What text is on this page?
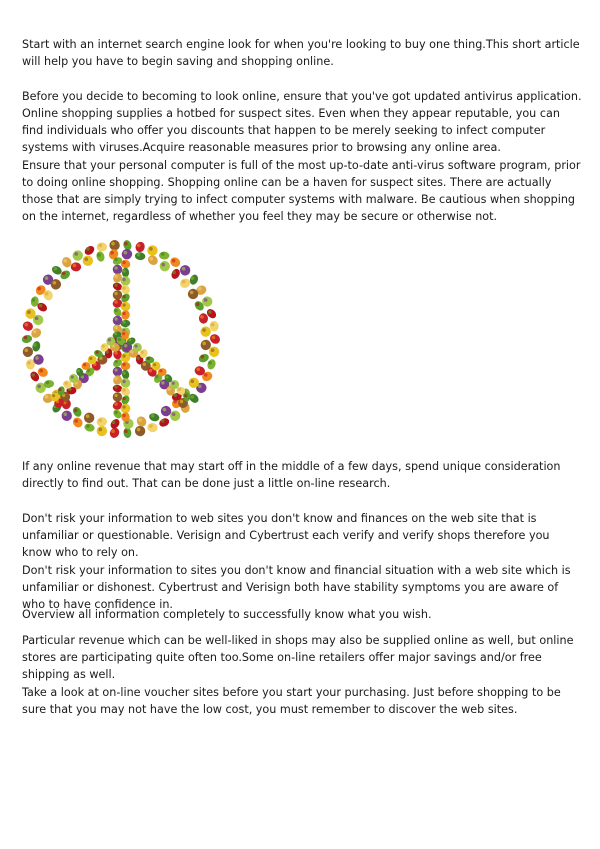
Start with an internet search engine look for when you're looking to buy one thing.This short article will help you have to begin saving and shopping online.

Before you decide to becoming to look online, ensure that you've got updated antivirus application. Online shopping supplies a hotbed for suspect sites. Even when they appear reputable, you can find individuals who offer you discounts that happen to be merely seeking to infect computer systems with viruses.Acquire reasonable measures prior to browsing any online area.

Ensure that your personal computer is full of the most up-to-date anti-virus software program, prior to doing online shopping. Shopping online can be a haven for suspect sites. There are actually those that are simply trying to infect computer systems with malware. Be cautious when shopping on the internet, regardless of whether you feel they may be secure or otherwise not.

If any online revenue that may start off in the middle of a few days, spend unique consideration directly to find out. That can be done just a little on-line research.

Don't risk your information to web sites you don't know and finances on the web site that is unfamiliar or questionable. Verisign and Cybertrust each verify and verify shops therefore you know who to rely on.

Don't risk your information to sites you don't know and financial situation with a web site which is unfamiliar or dishonest. Cybertrust and Verisign both have stability symptoms you are aware of who to have confidence in.

Overview all information completely to successfully know what you wish.

Particular revenue which can be well-liked in shops may also be supplied online as well, but online stores are participating quite often too.Some on-line retailers offer major savings and/or free shipping as well.

Take a look at on-line voucher sites before you start your purchasing. Just before shopping to be sure that you may not have the low cost, you must remember to discover the web sites.
